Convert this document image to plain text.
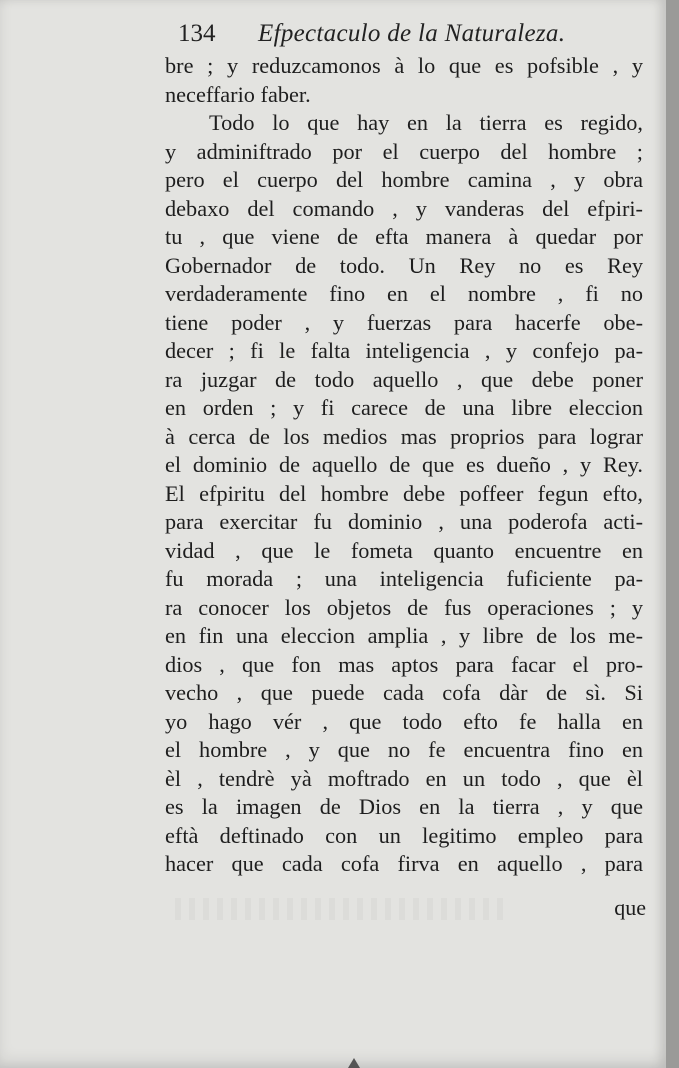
134 Efpectaculo de la Naturaleza.
bre ; y reduzcamonos à lo que es pofsible , y
neceffario faber.
Todo lo que hay en la tierra es regido,
y adminiftrado por el cuerpo del hombre ;
pero el cuerpo del hombre camina , y obra
debaxo del comando , y vanderas del efpiri-
tu , que viene de efta manera à quedar por
Gobernador de todo. Un Rey no es Rey
verdaderamente fino en el nombre , fi no
tiene poder , y fuerzas para hacerfe obe-
decer ; fi le falta inteligencia , y confejo pa-
ra juzgar de todo aquello , que debe poner
en orden ; y fi carece de una libre eleccion
à cerca de los medios mas proprios para lograr
el dominio de aquello de que es dueño , y Rey.
El efpiritu del hombre debe poffeer fegun efto,
para exercitar fu dominio , una poderofa acti-
vidad , que le fometa quanto encuentre en
fu morada ; una inteligencia fuficiente pa-
ra conocer los objetos de fus operaciones ; y
en fin una eleccion amplia , y libre de los me-
dios , que fon mas aptos para facar el pro-
vecho , que puede cada cofa dàr de sì. Si
yo hago vér , que todo efto fe halla en
el hombre , y que no fe encuentra fino en
èl , tendrè yà moftrado en un todo , que èl
es la imagen de Dios en la tierra , y que
eftà deftinado con un legitimo empleo para
hacer que cada cofa firva en aquello , para
que
